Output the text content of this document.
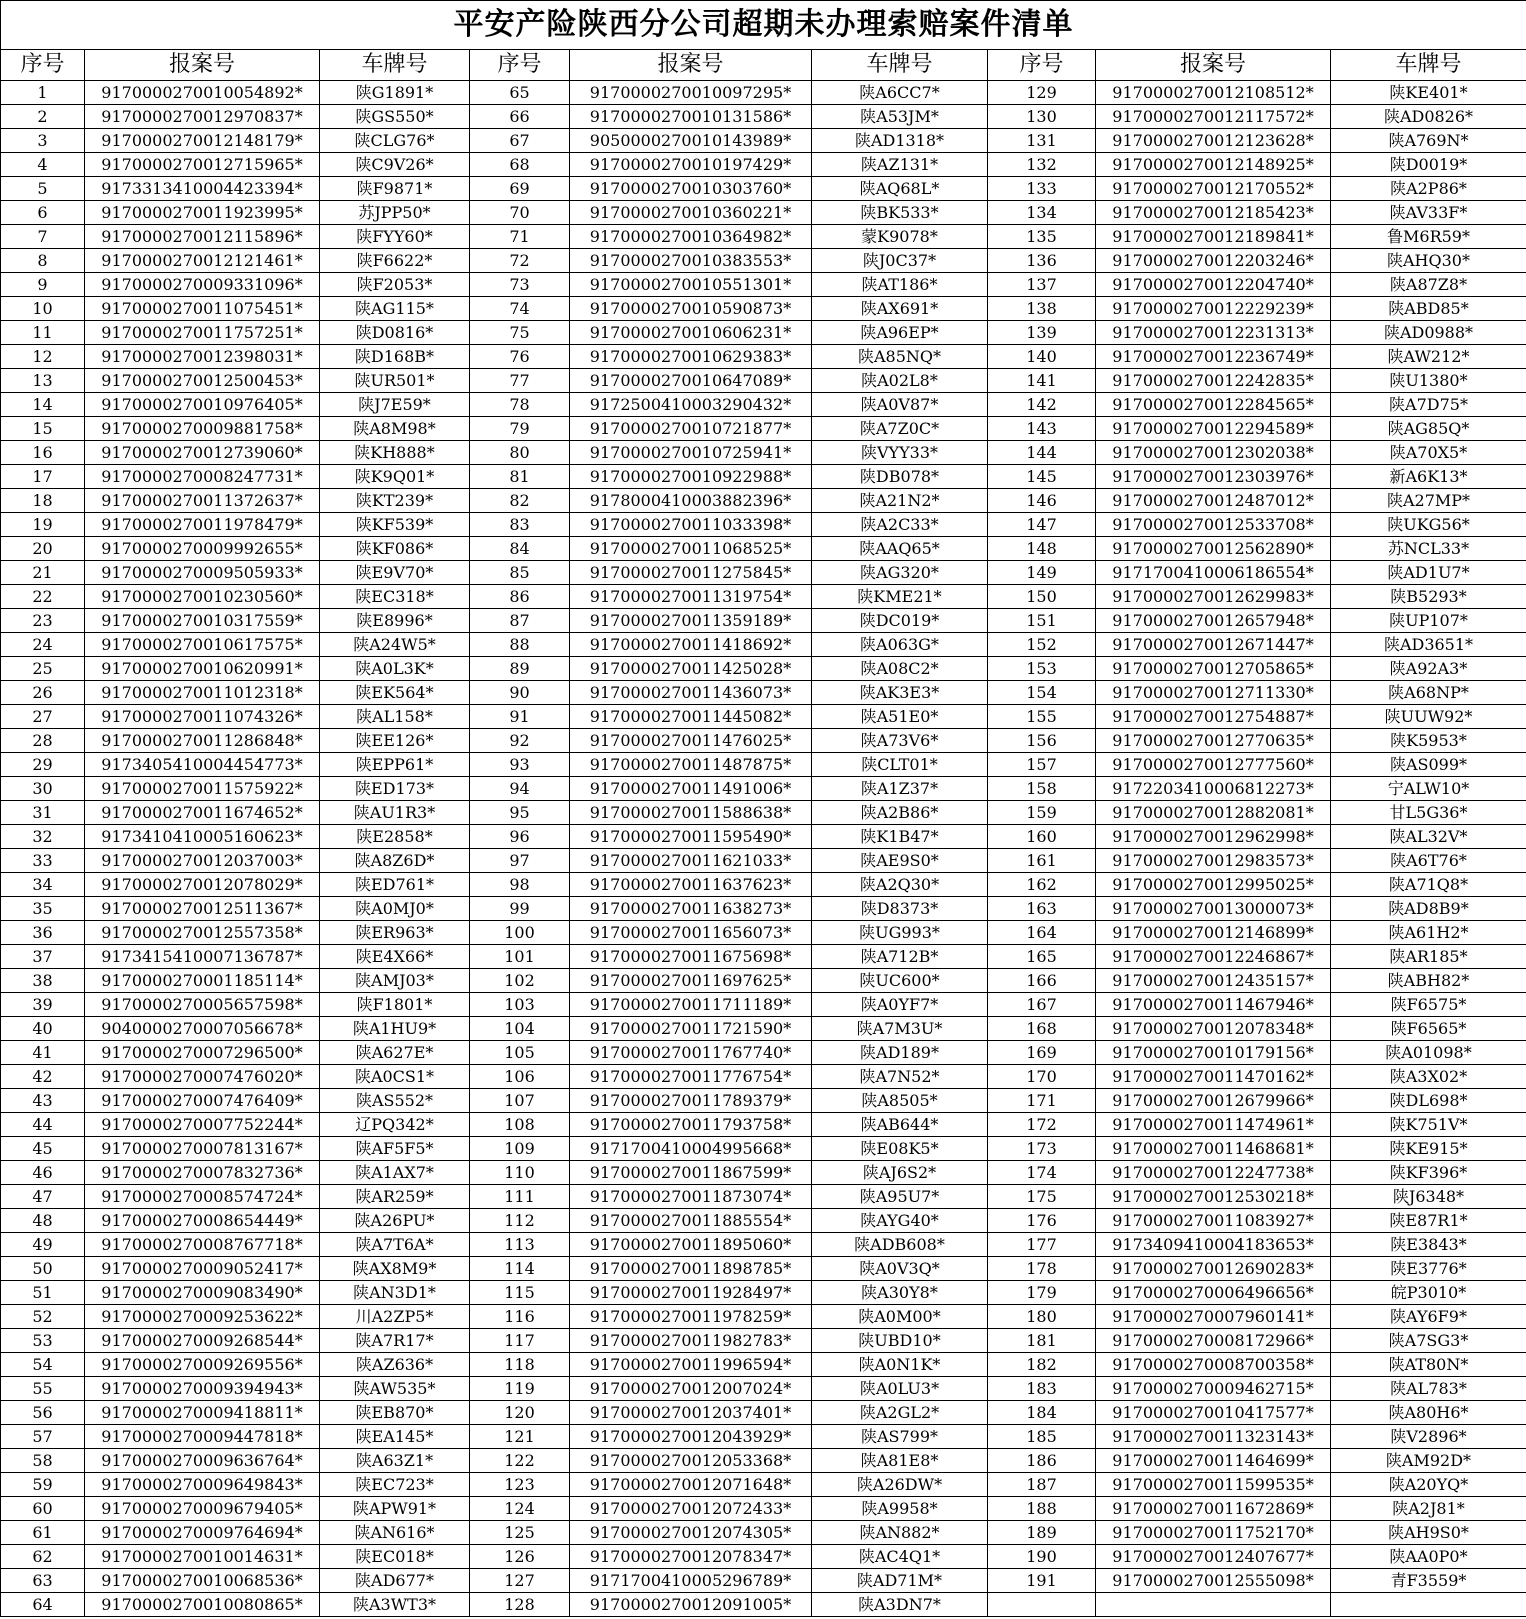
平安产险陕西分公司超期未办理索赔案件清单								
序号	报案号	车牌号	序号	报案号	车牌号	序号	报案号	车牌号
1	9170000270010054892*	陕G1891*	65	9170000270010097295*	陕A6CC7*	129	9170000270012108512*	陕KE401*
2	9170000270012970837*	陕GS550*	66	9170000270010131586*	陕A53JM*	130	9170000270012117572*	陕AD0826*
3	9170000270012148179*	陕CLG76*	67	9050000270010143989*	陕AD1318*	131	9170000270012123628*	陕A769N*
4	9170000270012715965*	陕C9V26*	68	9170000270010197429*	陕AZ131*	132	9170000270012148925*	陕D0019*
5	9173313410004423394*	陕F9871*	69	9170000270010303760*	陕AQ68L*	133	9170000270012170552*	陕A2P86*
6	9170000270011923995*	苏JPP50*	70	9170000270010360221*	陕BK533*	134	9170000270012185423*	陕AV33F*
7	9170000270012115896*	陕FYY60*	71	9170000270010364982*	蒙K9078*	135	9170000270012189841*	鲁M6R59*
8	9170000270012121461*	陕F6622*	72	9170000270010383553*	陕J0C37*	136	9170000270012203246*	陕AHQ30*
9	9170000270009331096*	陕F2053*	73	9170000270010551301*	陕AT186*	137	9170000270012204740*	陕A87Z8*
10	9170000270011075451*	陕AG115*	74	9170000270010590873*	陕AX691*	138	9170000270012229239*	陕ABD85*
11	9170000270011757251*	陕D0816*	75	9170000270010606231*	陕A96EP*	139	9170000270012231313*	陕AD0988*
12	9170000270012398031*	陕D168B*	76	9170000270010629383*	陕A85NQ*	140	9170000270012236749*	陕AW212*
13	9170000270012500453*	陕UR501*	77	9170000270010647089*	陕A02L8*	141	9170000270012242835*	陕U1380*
14	9170000270010976405*	陕J7E59*	78	9172500410003290432*	陕A0V87*	142	9170000270012284565*	陕A7D75*
15	9170000270009881758*	陕A8M98*	79	9170000270010721877*	陕A7Z0C*	143	9170000270012294589*	陕AG85Q*
16	9170000270012739060*	陕KH888*	80	9170000270010725941*	陕VYY33*	144	9170000270012302038*	陕A70X5*
17	9170000270008247731*	陕K9Q01*	81	9170000270010922988*	陕DB078*	145	9170000270012303976*	新A6K13*
18	9170000270011372637*	陕KT239*	82	9178000410003882396*	陕A21N2*	146	9170000270012487012*	陕A27MP*
19	9170000270011978479*	陕KF539*	83	9170000270011033398*	陕A2C33*	147	9170000270012533708*	陕UKG56*
20	9170000270009992655*	陕KF086*	84	9170000270011068525*	陕AAQ65*	148	9170000270012562890*	苏NCL33*
21	9170000270009505933*	陕E9V70*	85	9170000270011275845*	陕AG320*	149	9171700410006186554*	陕AD1U7*
22	9170000270010230560*	陕EC318*	86	9170000270011319754*	陕KME21*	150	9170000270012629983*	陕B5293*
23	9170000270010317559*	陕E8996*	87	9170000270011359189*	陕DC019*	151	9170000270012657948*	陕UP107*
24	9170000270010617575*	陕A24W5*	88	9170000270011418692*	陕A063G*	152	9170000270012671447*	陕AD3651*
25	9170000270010620991*	陕A0L3K*	89	9170000270011425028*	陕A08C2*	153	9170000270012705865*	陕A92A3*
26	9170000270011012318*	陕EK564*	90	9170000270011436073*	陕AK3E3*	154	9170000270012711330*	陕A68NP*
27	9170000270011074326*	陕AL158*	91	9170000270011445082*	陕A51E0*	155	9170000270012754887*	陕UUW92*
28	9170000270011286848*	陕EE126*	92	9170000270011476025*	陕A73V6*	156	9170000270012770635*	陕K5953*
29	9173405410004454773*	陕EPP61*	93	9170000270011487875*	陕CLT01*	157	9170000270012777560*	陕AS099*
30	9170000270011575922*	陕ED173*	94	9170000270011491006*	陕A1Z37*	158	9172203410006812273*	宁ALW10*
31	9170000270011674652*	陕AU1R3*	95	9170000270011588638*	陕A2B86*	159	9170000270012882081*	甘L5G36*
32	9173410410005160623*	陕E2858*	96	9170000270011595490*	陕K1B47*	160	9170000270012962998*	陕AL32V*
33	9170000270012037003*	陕A8Z6D*	97	9170000270011621033*	陕AE9S0*	161	9170000270012983573*	陕A6T76*
34	9170000270012078029*	陕ED761*	98	9170000270011637623*	陕A2Q30*	162	9170000270012995025*	陕A71Q8*
35	9170000270012511367*	陕A0MJ0*	99	9170000270011638273*	陕D8373*	163	9170000270013000073*	陕AD8B9*
36	9170000270012557358*	陕ER963*	100	9170000270011656073*	陕UG993*	164	9170000270012146899*	陕A61H2*
37	9173415410007136787*	陕E4X66*	101	9170000270011675698*	陕A712B*	165	9170000270012246867*	陕AR185*
38	9170000270001185114*	陕AMJ03*	102	9170000270011697625*	陕UC600*	166	9170000270012435157*	陕ABH82*
39	9170000270005657598*	陕F1801*	103	9170000270011711189*	陕A0YF7*	167	9170000270011467946*	陕F6575*
40	9040000270007056678*	陕A1HU9*	104	9170000270011721590*	陕A7M3U*	168	9170000270012078348*	陕F6565*
41	9170000270007296500*	陕A627E*	105	9170000270011767740*	陕AD189*	169	9170000270010179156*	陕A01098*
42	9170000270007476020*	陕A0CS1*	106	9170000270011776754*	陕A7N52*	170	9170000270011470162*	陕A3X02*
43	9170000270007476409*	陕AS552*	107	9170000270011789379*	陕A8505*	171	9170000270012679966*	陕DL698*
44	9170000270007752244*	辽PQ342*	108	9170000270011793758*	陕AB644*	172	9170000270011474961*	陕K751V*
45	9170000270007813167*	陕AF5F5*	109	9171700410004995668*	陕E08K5*	173	9170000270011468681*	陕KE915*
46	9170000270007832736*	陕A1AX7*	110	9170000270011867599*	陕AJ6S2*	174	9170000270012247738*	陕KF396*
47	9170000270008574724*	陕AR259*	111	9170000270011873074*	陕A95U7*	175	9170000270012530218*	陕J6348*
48	9170000270008654449*	陕A26PU*	112	9170000270011885554*	陕AYG40*	176	9170000270011083927*	陕E87R1*
49	9170000270008767718*	陕A7T6A*	113	9170000270011895060*	陕ADB608*	177	9173409410004183653*	陕E3843*
50	9170000270009052417*	陕AX8M9*	114	9170000270011898785*	陕A0V3Q*	178	9170000270012690283*	陕E3776*
51	9170000270009083490*	陕AN3D1*	115	9170000270011928497*	陕A30Y8*	179	9170000270006496656*	皖P3010*
52	9170000270009253622*	川A2ZP5*	116	9170000270011978259*	陕A0M00*	180	9170000270007960141*	陕AY6F9*
53	9170000270009268544*	陕A7R17*	117	9170000270011982783*	陕UBD10*	181	9170000270008172966*	陕A7SG3*
54	9170000270009269556*	陕AZ636*	118	9170000270011996594*	陕A0N1K*	182	9170000270008700358*	陕AT80N*
55	9170000270009394943*	陕AW535*	119	9170000270012007024*	陕A0LU3*	183	9170000270009462715*	陕AL783*
56	9170000270009418811*	陕EB870*	120	9170000270012037401*	陕A2GL2*	184	9170000270010417577*	陕A80H6*
57	9170000270009447818*	陕EA145*	121	9170000270012043929*	陕AS799*	185	9170000270011323143*	陕V2896*
58	9170000270009636764*	陕A63Z1*	122	9170000270012053368*	陕A81E8*	186	9170000270011464699*	陕AM92D*
59	9170000270009649843*	陕EC723*	123	9170000270012071648*	陕A26DW*	187	9170000270011599535*	陕A20YQ*
60	9170000270009679405*	陕APW91*	124	9170000270012072433*	陕A9958*	188	9170000270011672869*	陕A2J81*
61	9170000270009764694*	陕AN616*	125	9170000270012074305*	陕AN882*	189	9170000270011752170*	陕AH9S0*
62	9170000270010014631*	陕EC018*	126	9170000270012078347*	陕AC4Q1*	190	9170000270012407677*	陕AA0P0*
63	9170000270010068536*	陕AD677*	127	9171700410005296789*	陕AD71M*	191	9170000270012555098*	青F3559*
64	9170000270010080865*	陕A3WT3*	128	9170000270012091005*	陕A3DN7*			
